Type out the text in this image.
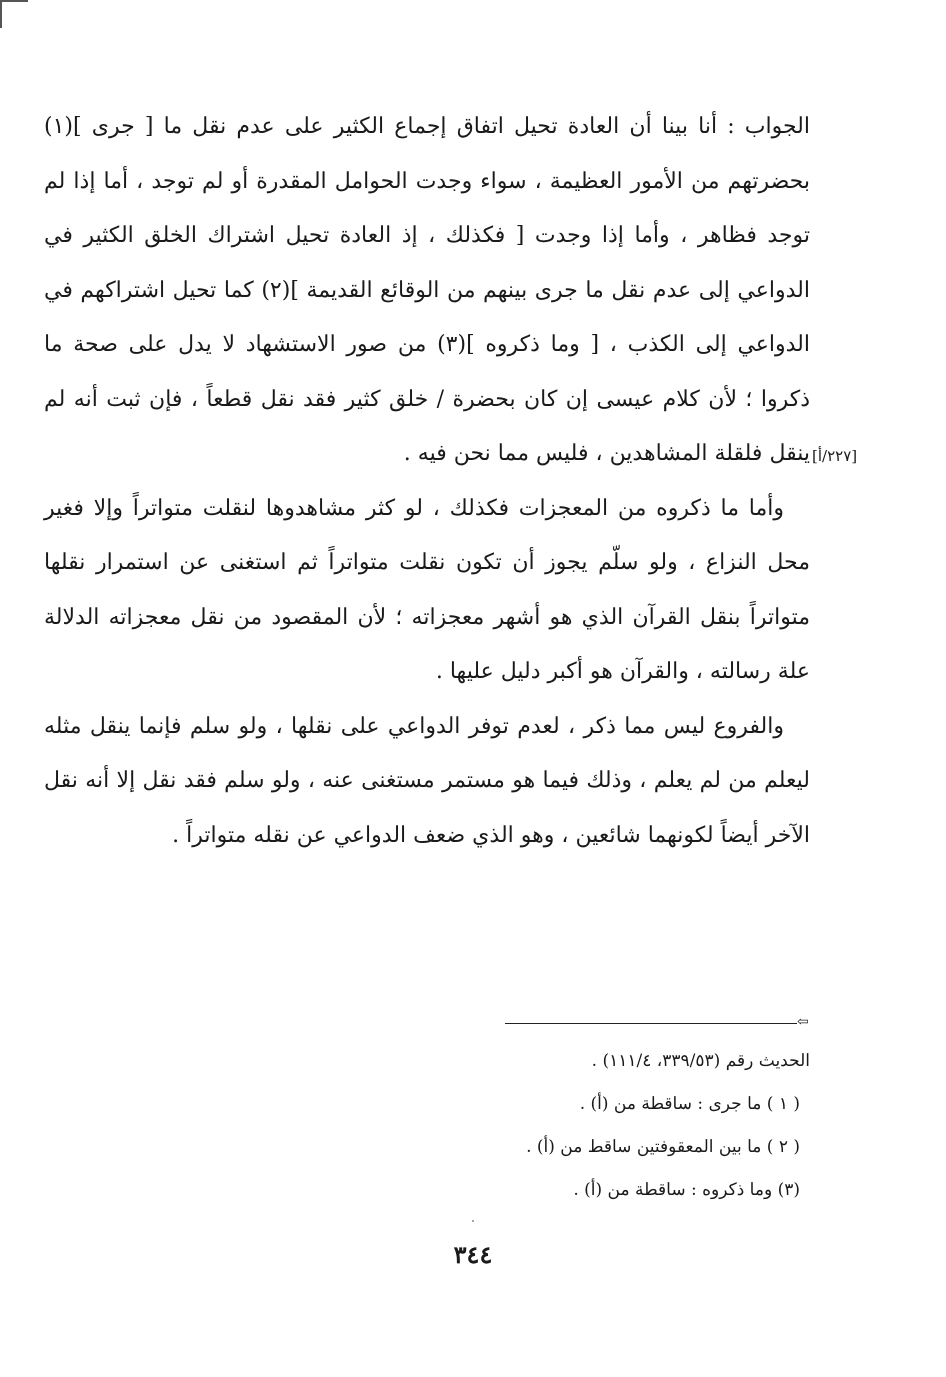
الجواب : أنا بينا أن العادة تحيل اتفاق إجماع الكثير على عدم نقل ما [ جرى ](١) بحضرتهم من الأمور العظيمة ، سواء وجدت الحوامل المقدرة أو لم توجد ، أما إذا لم توجد فظاهر ، وأما إذا وجدت [ فكذلك ، إذ العادة تحيل اشتراك الخلق الكثير في الدواعي إلى عدم نقل ما جرى بينهم من الوقائع القديمة ](٢) كما تحيل اشتراكهم في الدواعي إلى الكذب ، [ وما ذكروه ](٣) من صور الاستشهاد لا يدل على صحة ما ذكروا ؛ لأن كلام عيسى إن كان بحضرة / خلق كثير فقد نقل قطعاً ، فإن ثبت أنه لم ينقل فلقلة المشاهدين ، فليس مما نحن فيه .

وأما ما ذكروه من المعجزات فكذلك ، لو كثر مشاهدوها لنقلت متواتراً وإلا فغير محل النزاع ، ولو سلّم يجوز أن تكون نقلت متواتراً ثم استغنى عن استمرار نقلها متواتراً بنقل القرآن الذي هو أشهر معجزاته ؛ لأن المقصود من نقل معجزاته الدلالة علة رسالته ، والقرآن هو أكبر دليل عليها .

والفروع ليس مما ذكر ، لعدم توفر الدواعي على نقلها ، ولو سلم فإنما ينقل مثله ليعلم من لم يعلم ، وذلك فيما هو مستمر مستغنى عنه ، ولو سلم فقد نقل إلا أنه نقل الآخر أيضاً لكونهما شائعين ، وهو الذي ضعف الدواعي عن نقله متواتراً .

[٢٢٧/أ]
⇦
الحديث رقم (٣٣٩/٥٣، ١١١/٤) .
( ١ ) ما جرى : ساقطة من (أ) .
( ٢ ) ما بين المعقوفتين ساقط من (أ) .
(٣) وما ذكروه : ساقطة من (أ) .
٣٤٤
